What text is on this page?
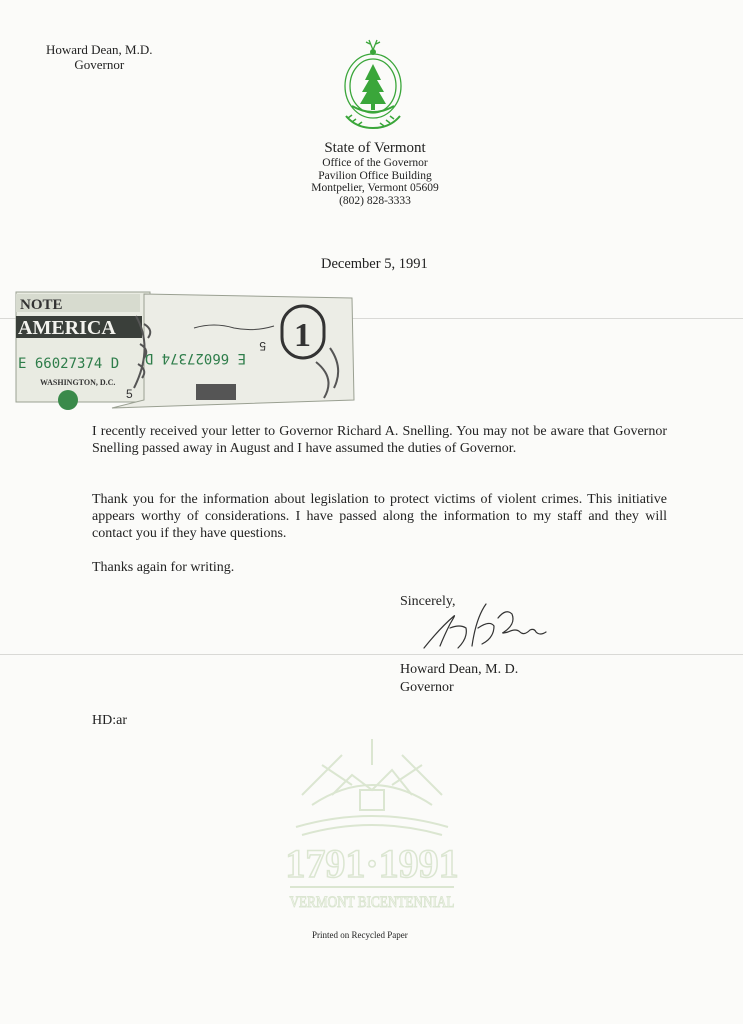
Howard Dean, M.D.
Governor
State of Vermont
Office of the Governor
Pavilion Office Building
Montpelier, Vermont 05609
(802) 828-3333
December 5, 1991
NOTE
AMERICA
E 66027374 D
WASHINGTON, D.C.
5
E 66027374 D
5 1
I recently received your letter to Governor Richard A. Snelling. You may not be aware that Governor Snelling passed away in August and I have assumed the duties of Governor.
Thank you for the information about legislation to protect victims of violent crimes. This initiative appears worthy of considerations. I have passed along the information to my staff and they will contact you if they have questions.
Thanks again for writing.
Sincerely,
Howard Dean, M. D.
Governor
HD:ar
1791·1991
VERMONT BICENTENNIAL
Printed on Recycled Paper
